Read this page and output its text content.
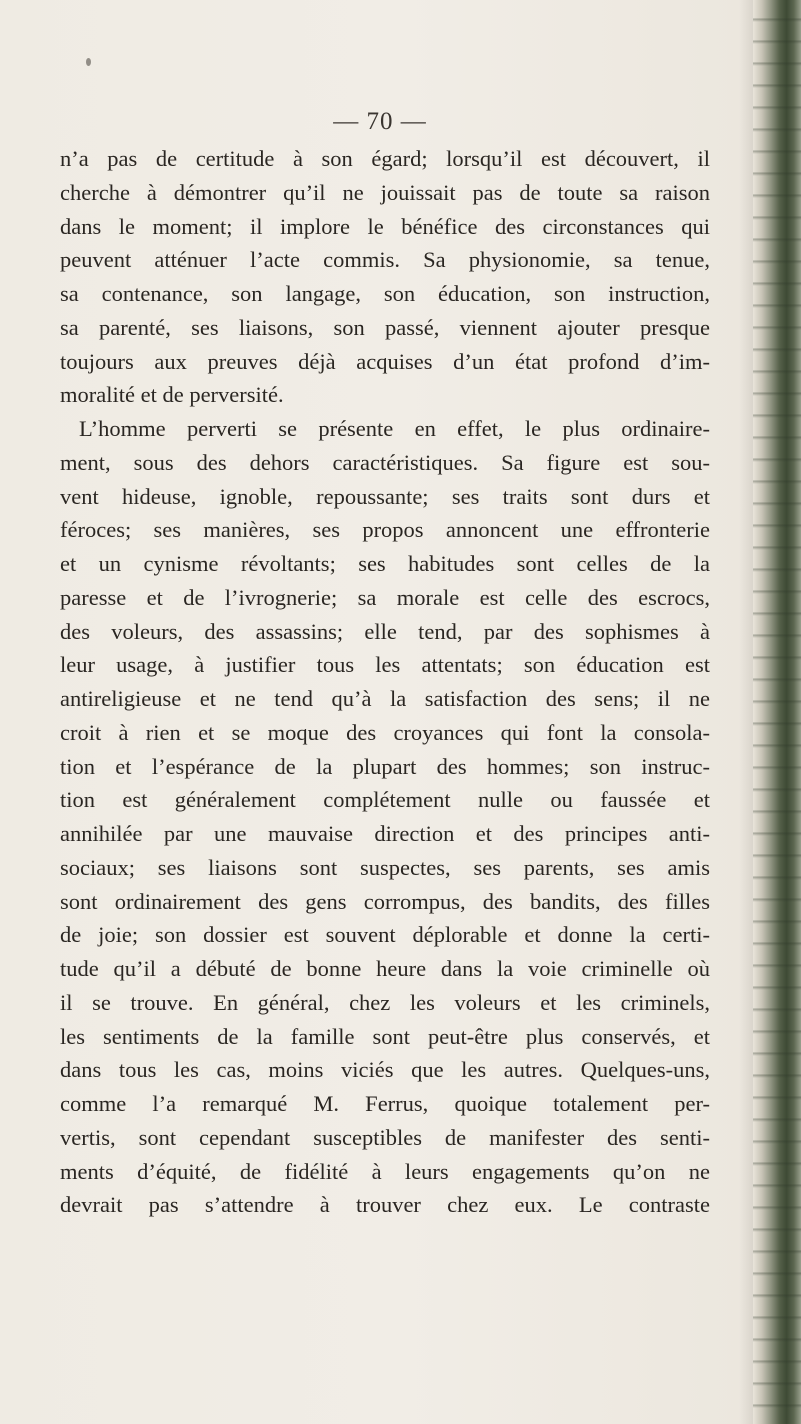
— 70 —
n’a pas de certitude à son égard; lorsqu’il est découvert, il
cherche à démontrer qu’il ne jouissait pas de toute sa raison
dans le moment; il implore le bénéfice des circonstances qui
peuvent atténuer l’acte commis. Sa physionomie, sa tenue,
sa contenance, son langage, son éducation, son instruction,
sa parenté, ses liaisons, son passé, viennent ajouter presque
toujours aux preuves déjà acquises d’un état profond d’im-
moralité et de perversité.
L’homme perverti se présente en effet, le plus ordinaire-
ment, sous des dehors caractéristiques. Sa figure est sou-
vent hideuse, ignoble, repoussante; ses traits sont durs et
féroces; ses manières, ses propos annoncent une effronterie
et un cynisme révoltants; ses habitudes sont celles de la
paresse et de l’ivrognerie; sa morale est celle des escrocs,
des voleurs, des assassins; elle tend, par des sophismes à
leur usage, à justifier tous les attentats; son éducation est
antireligieuse et ne tend qu’à la satisfaction des sens; il ne
croit à rien et se moque des croyances qui font la consola-
tion et l’espérance de la plupart des hommes; son instruc-
tion est généralement complétement nulle ou faussée et
annihilée par une mauvaise direction et des principes anti-
sociaux; ses liaisons sont suspectes, ses parents, ses amis
sont ordinairement des gens corrompus, des bandits, des filles
de joie; son dossier est souvent déplorable et donne la certi-
tude qu’il a débuté de bonne heure dans la voie criminelle où
il se trouve. En général, chez les voleurs et les criminels,
les sentiments de la famille sont peut-être plus conservés, et
dans tous les cas, moins viciés que les autres. Quelques-uns,
comme l’a remarqué M. Ferrus, quoique totalement per-
vertis, sont cependant susceptibles de manifester des senti-
ments d’équité, de fidélité à leurs engagements qu’on ne
devrait pas s’attendre à trouver chez eux. Le contraste
